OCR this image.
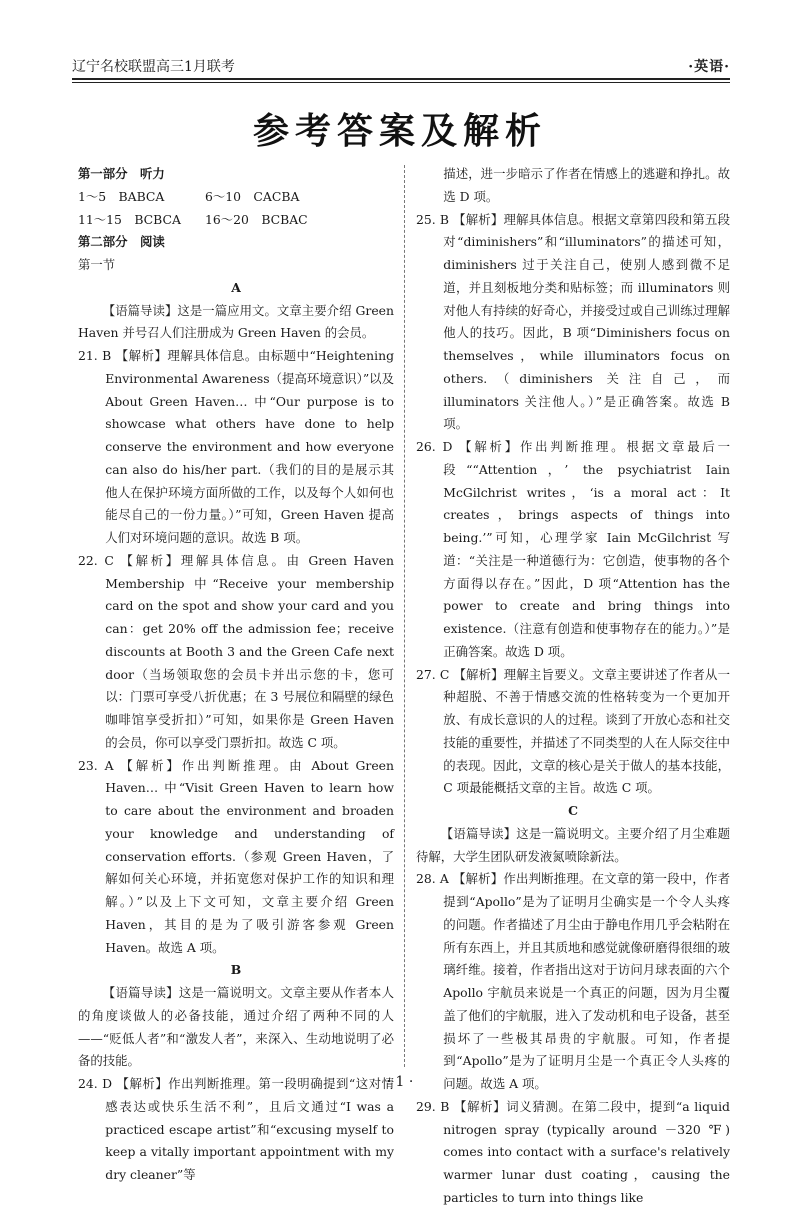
辽宁名校联盟高三1月联考	·英语·
参考答案及解析

第一部分　听力

1～5　BABCA	6～10　CACBA
11～15　BCBCA	16～20　BCBAC

第二部分　阅读

第一节

A

【语篇导读】这是一篇应用文。文章主要介绍 Green Haven 并号召人们注册成为 Green Haven 的会员。

21. B 【解析】理解具体信息。由标题中“Heightening Environmental Awareness（提高环境意识）”以及 About Green Haven… 中“Our purpose is to showcase what others have done to help conserve the environment and how everyone can also do his/her part.（我们的目的是展示其他人在保护环境方面所做的工作，以及每个人如何也能尽自己的一份力量。）”可知，Green Haven 提高人们对环境问题的意识。故选 B 项。

22. C 【解析】理解具体信息。由 Green Haven Membership 中“Receive your membership card on the spot and show your card and you can：get 20% off the admission fee；receive discounts at Booth 3 and the Green Cafe next door（当场领取您的会员卡并出示您的卡，您可以：门票可享受八折优惠；在 3 号展位和隔壁的绿色咖啡馆享受折扣）”可知，如果你是 Green Haven 的会员，你可以享受门票折扣。故选 C 项。

23. A 【解析】作出判断推理。由 About Green Haven… 中“Visit Green Haven to learn how to care about the environment and broaden your knowledge and understanding of conservation efforts.（参观 Green Haven，了解如何关心环境，并拓宽您对保护工作的知识和理解。）”以及上下文可知，文章主要介绍 Green Haven，其目的是为了吸引游客参观 Green Haven。故选 A 项。

B

【语篇导读】这是一篇说明文。文章主要从作者本人的角度谈做人的必备技能，通过介绍了两种不同的人——“贬低人者”和“激发人者”，来深入、生动地说明了必备的技能。

24. D 【解析】作出判断推理。第一段明确提到“这对情感表达或快乐生活不利”，且后文通过“I was a practiced escape artist”和“excusing myself to keep a vitally important appointment with my dry cleaner”等

描述，进一步暗示了作者在情感上的逃避和挣扎。故选 D 项。

25. B 【解析】理解具体信息。根据文章第四段和第五段对“diminishers”和“illuminators”的描述可知，diminishers 过于关注自己，使别人感到微不足道，并且刻板地分类和贴标签；而 illuminators 则对他人有持续的好奇心，并接受过或自己训练过理解他人的技巧。因此，B 项“Diminishers focus on themselves，while illuminators focus on others.（diminishers 关注自己，而 illuminators 关注他人。）”是正确答案。故选 B 项。

26. D 【解析】作出判断推理。根据文章最后一段““Attention，’ the psychiatrist Iain McGilchrist writes，‘is a moral act：It creates，brings aspects of things into being.’”可知，心理学家 Iain McGilchrist 写道：“关注是一种道德行为：它创造，使事物的各个方面得以存在。”因此，D 项“Attention has the power to create and bring things into existence.（注意有创造和使事物存在的能力。）”是正确答案。故选 D 项。

27. C 【解析】理解主旨要义。文章主要讲述了作者从一种超脱、不善于情感交流的性格转变为一个更加开放、有成长意识的人的过程。谈到了开放心态和社交技能的重要性，并描述了不同类型的人在人际交往中的表现。因此，文章的核心是关于做人的基本技能，C 项最能概括文章的主旨。故选 C 项。

C

【语篇导读】这是一篇说明文。主要介绍了月尘难题待解，大学生团队研发液氮喷除新法。

28. A 【解析】作出判断推理。在文章的第一段中，作者提到“Apollo”是为了证明月尘确实是一个令人头疼的问题。作者描述了月尘由于静电作用几乎会粘附在所有东西上，并且其质地和感觉就像研磨得很细的玻璃纤维。接着，作者指出这对于访问月球表面的六个 Apollo 宇航员来说是一个真正的问题，因为月尘覆盖了他们的宇航服，进入了发动机和电子设备，甚至损坏了一些极其昂贵的宇航服。可知，作者提到“Apollo”是为了证明月尘是一个真正令人头疼的问题。故选 A 项。

29. B 【解析】词义猜测。在第二段中，提到“a liquid nitrogen spray (typically around －320 ℉) comes into contact with a surface's relatively warmer lunar dust coating，causing the particles to turn into things like

· 1 ·
